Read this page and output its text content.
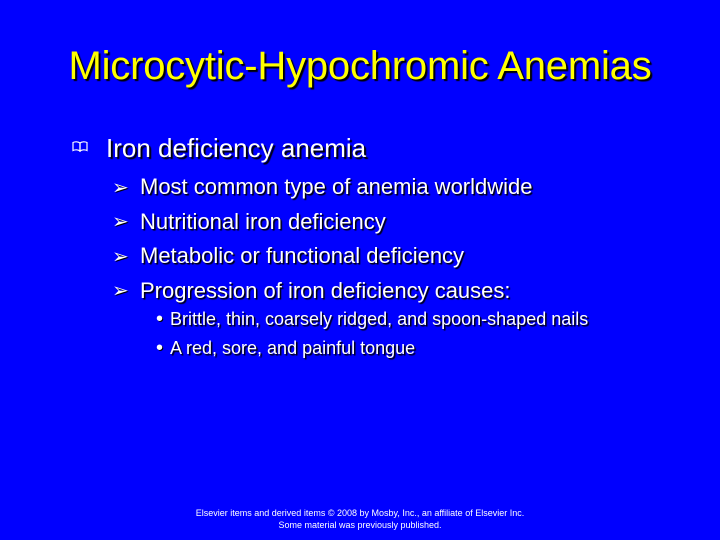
Microcytic-Hypochromic Anemias
Iron deficiency anemia
➢ Most common type of anemia worldwide
➢ Nutritional iron deficiency
➢ Metabolic or functional deficiency
➢ Progression of iron deficiency causes:
• Brittle, thin, coarsely ridged, and spoon-shaped nails
• A red, sore, and painful tongue
Elsevier items and derived items © 2008 by Mosby, Inc., an affiliate of Elsevier Inc.
Some material was previously published.
